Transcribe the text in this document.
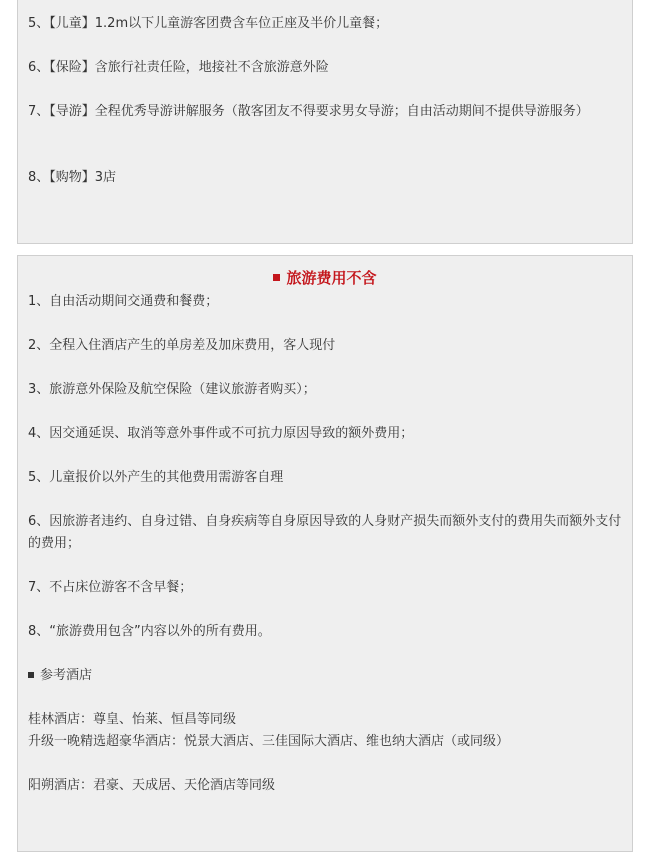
5、【儿童】1.2m以下儿童游客团费含车位正座及半价儿童餐；

6、【保险】含旅行社责任险，地接社不含旅游意外险

7、【导游】全程优秀导游讲解服务（散客团友不得要求男女导游；自由活动期间不提供导游服务）

8、【购物】3店

旅游费用不含

1、自由活动期间交通费和餐费；

2、全程入住酒店产生的单房差及加床费用，客人现付

3、旅游意外保险及航空保险（建议旅游者购买）；

4、因交通延误、取消等意外事件或不可抗力原因导致的额外费用；

5、儿童报价以外产生的其他费用需游客自理

6、因旅游者违约、自身过错、自身疾病等自身原因导致的人身财产损失而额外支付的费用失而额外支付的费用；

7、不占床位游客不含早餐；

8、“旅游费用包含”内容以外的所有费用。

参考酒店

桂林酒店：尊皇、怡莱、恒昌等同级

升级一晚精选超豪华酒店：悦景大酒店、三佳国际大酒店、维也纳大酒店（或同级）

阳朔酒店：君豪、天成居、天伦酒店等同级
